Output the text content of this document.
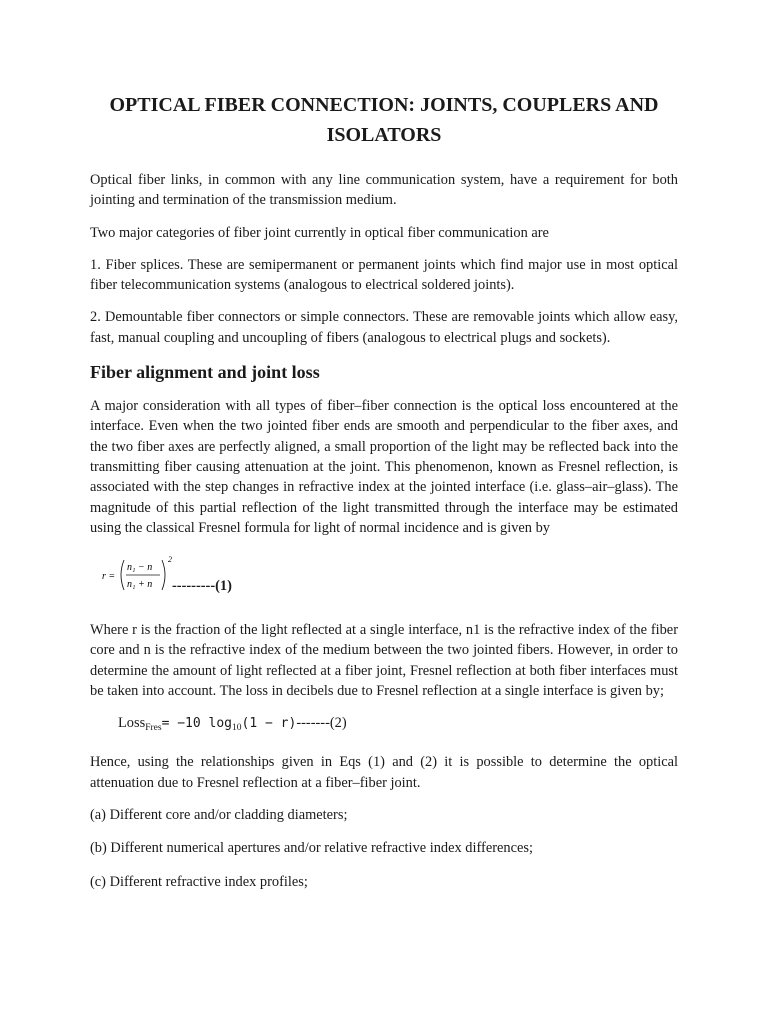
OPTICAL FIBER CONNECTION: JOINTS, COUPLERS AND ISOLATORS

Optical fiber links, in common with any line communication system, have a requirement for both jointing and termination of the transmission medium.

Two major categories of fiber joint currently in optical fiber communication are

1. Fiber splices. These are semipermanent or permanent joints which find major use in most optical fiber telecommunication systems (analogous to electrical soldered joints).

2. Demountable fiber connectors or simple connectors. These are removable joints which allow easy, fast, manual coupling and uncoupling of fibers (analogous to electrical plugs and sockets).

Fiber alignment and joint loss

A major consideration with all types of fiber–fiber connection is the optical loss encountered at the interface. Even when the two jointed fiber ends are smooth and perpendicular to the fiber axes, and the two fiber axes are perfectly aligned, a small proportion of the light may be reflected back into the transmitting fiber causing attenuation at the joint. This phenomenon, known as Fresnel reflection, is associated with the step changes in refractive index at the jointed interface (i.e. glass–air–glass). The magnitude of this partial reflection of the light transmitted through the interface may be estimated using the classical Fresnel formula for light of normal incidence and is given by

r =
n₁ − n
n₁ + n
2
---------(1)

Where r is the fraction of the light reflected at a single interface, n1 is the refractive index of the fiber core and n is the refractive index of the medium between the two jointed fibers. However, in order to determine the amount of light reflected at a fiber joint, Fresnel reflection at both fiber interfaces must be taken into account. The loss in decibels due to Fresnel reflection at a single interface is given by;

Loss$_{Fres}$= −10 $\log_{10}(1 - r)-------(2)$

Hence, using the relationships given in Eqs (1) and (2) it is possible to determine the optical attenuation due to Fresnel reflection at a fiber–fiber joint.

(a) Different core and/or cladding diameters;

(b) Different numerical apertures and/or relative refractive index differences;

(c) Different refractive index profiles;
